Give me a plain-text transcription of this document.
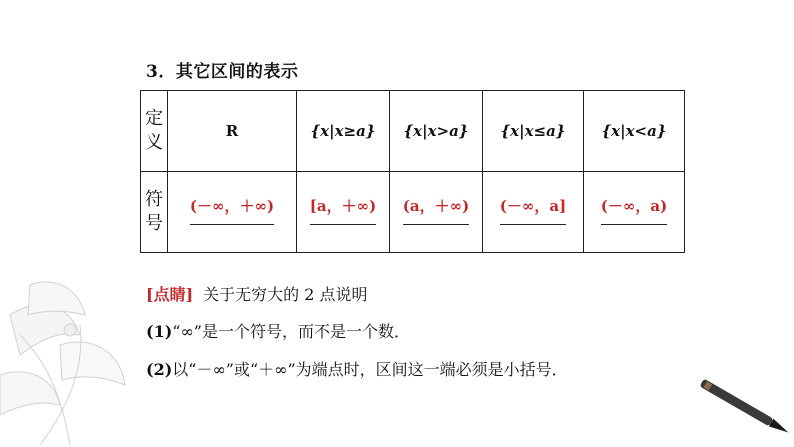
3．其它区间的表示
定
义	R	{x|x≥a}	{x|x>a}	{x|x≤a}	{x|x<a}

符
号	(－∞，＋∞)	[a，＋∞)	(a，＋∞)	(－∞，a]	(－∞，a)
[点睛] 关于无穷大的 2 点说明
(1)“∞”是一个符号，而不是一个数．
(2)以“－∞”或“＋∞”为端点时，区间这一端必须是小括号．
